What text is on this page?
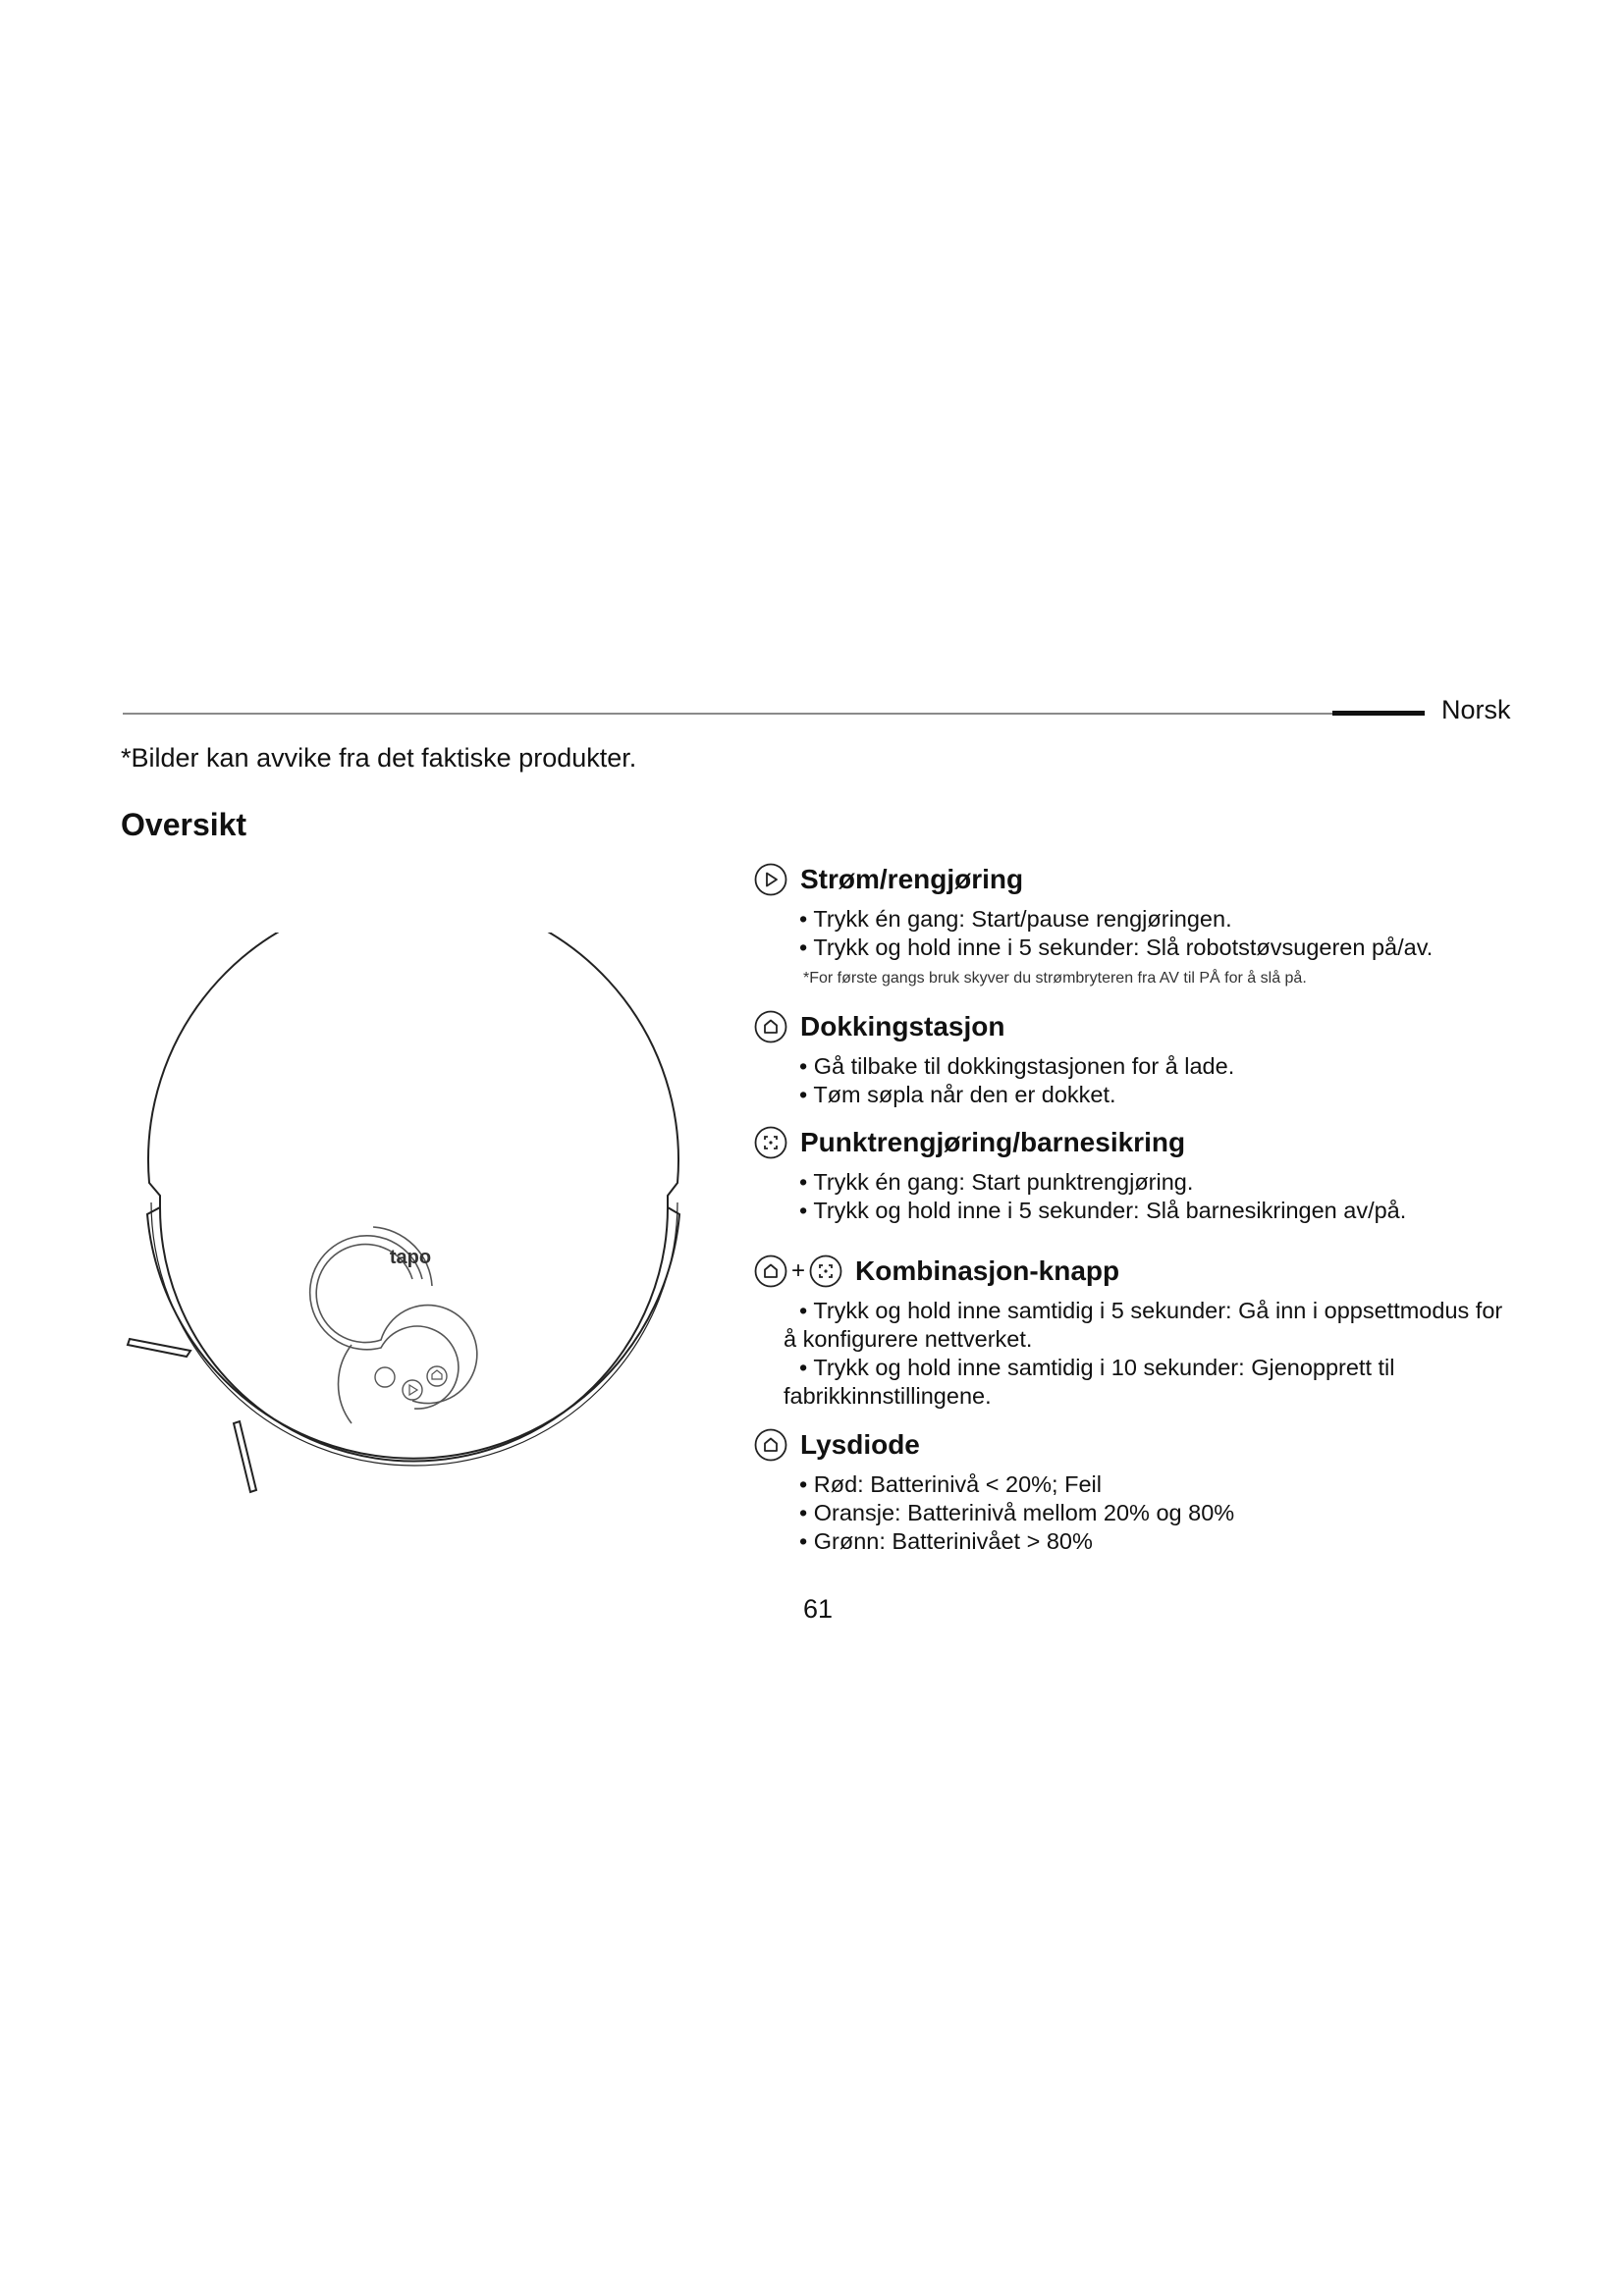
Norsk
*Bilder kan avvike fra det faktiske produkter.
Oversikt
tapo
Strøm/rengjøring
• Trykk én gang: Start/pause rengjøringen.
• Trykk og hold inne i 5 sekunder: Slå robotstøvsugeren på/av.
*For første gangs bruk skyver du strømbryteren fra AV til PÅ for å slå på.
Dokkingstasjon
• Gå tilbake til dokkingstasjonen for å lade.
• Tøm søpla når den er dokket.
Punktrengjøring/barnesikring
• Trykk én gang: Start punktrengjøring.
• Trykk og hold inne i 5 sekunder: Slå barnesikringen av/på.
+ Kombinasjon-knapp
• Trykk og hold inne samtidig i 5 sekunder: Gå inn i oppsettmodus for
å konfigurere nettverket.
• Trykk og hold inne samtidig i 10 sekunder: Gjenopprett til
fabrikkinnstillingene.
Lysdiode
• Rød: Batterinivå < 20%; Feil
• Oransje: Batterinivå mellom 20% og 80%
• Grønn: Batterinivået > 80%
61
